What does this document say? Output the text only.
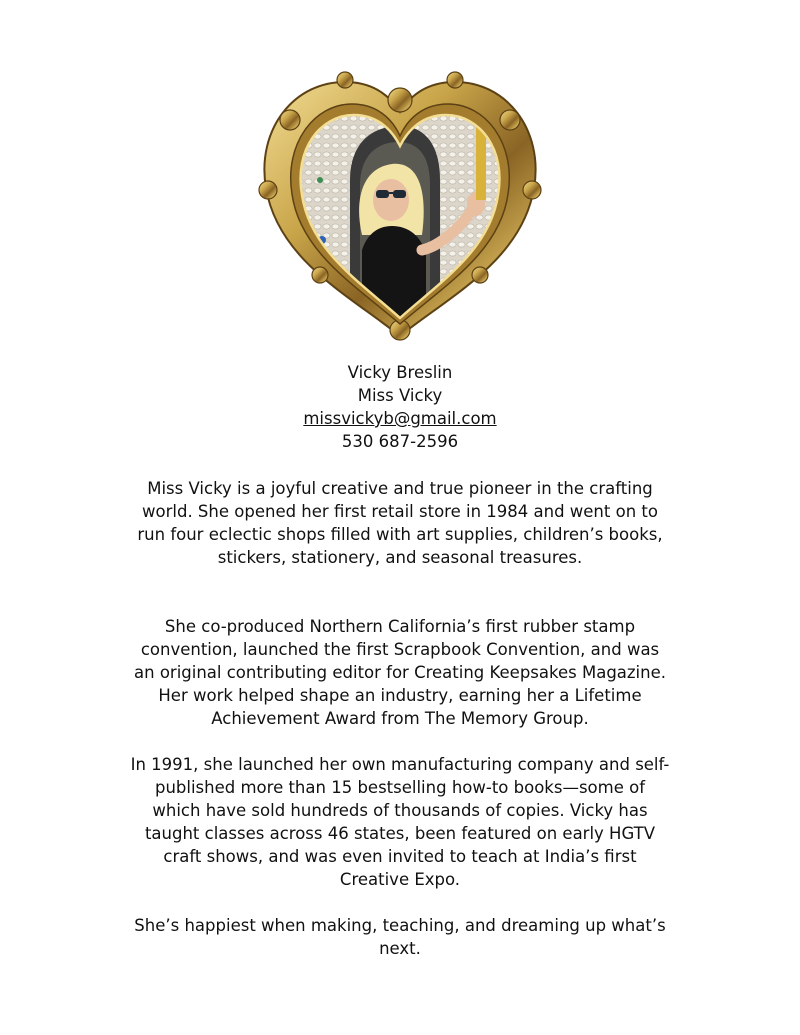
Vicky Breslin
Miss Vicky
missvickyb@gmail.com
530 687-2596

Miss Vicky is a joyful creative and true pioneer in the crafting world. She opened her first retail store in 1984 and went on to run four eclectic shops filled with art supplies, children’s books, stickers, stationery, and seasonal treasures.

She co-produced Northern California’s first rubber stamp convention, launched the first Scrapbook Convention, and was an original contributing editor for Creating Keepsakes Magazine. Her work helped shape an industry, earning her a Lifetime Achievement Award from The Memory Group.

In 1991, she launched her own manufacturing company and self-published more than 15 bestselling how-to books—some of which have sold hundreds of thousands of copies. Vicky has taught classes across 46 states, been featured on early HGTV craft shows, and was even invited to teach at India’s first Creative Expo.

She’s happiest when making, teaching, and dreaming up what’s next.
